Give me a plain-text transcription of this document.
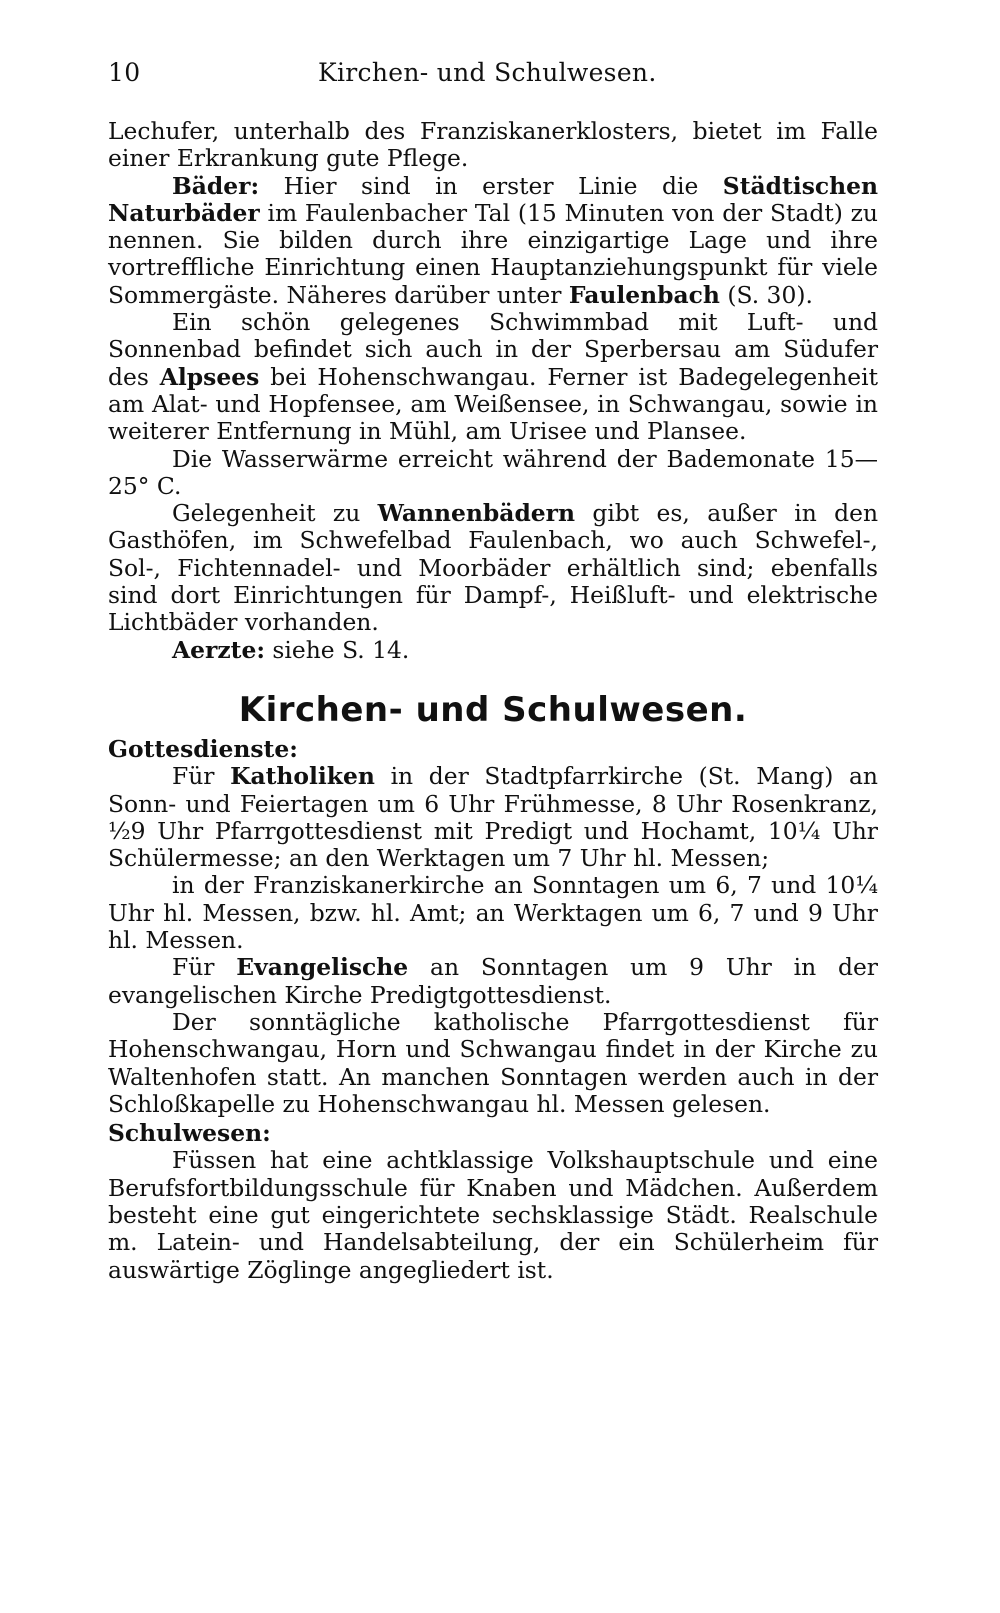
10	Kirchen- und Schulwesen.

Lechufer, unterhalb des Franziskanerklosters, bietet im Falle einer Erkrankung gute Pflege.

Bäder: Hier sind in erster Linie die Städtischen Naturbäder im Faulenbacher Tal (15 Minuten von der Stadt) zu nennen. Sie bilden durch ihre einzigartige Lage und ihre vortreffliche Einrichtung einen Hauptanziehungspunkt für viele Sommergäste. Näheres darüber unter Faulenbach (S. 30).

Ein schön gelegenes Schwimmbad mit Luft- und Sonnenbad befindet sich auch in der Sperbersau am Südufer des Alpsees bei Hohenschwangau. Ferner ist Badegelegenheit am Alat- und Hopfensee, am Weißensee, in Schwangau, sowie in weiterer Entfernung in Mühl, am Urisee und Plansee.

Die Wasserwärme erreicht während der Bademonate 15—25° C.

Gelegenheit zu Wannenbädern gibt es, außer in den Gasthöfen, im Schwefelbad Faulenbach, wo auch Schwefel-, Sol-, Fichtennadel- und Moorbäder erhältlich sind; ebenfalls sind dort Einrichtungen für Dampf-, Heißluft- und elektrische Lichtbäder vorhanden.

Aerzte: siehe S. 14.

Kirchen- und Schulwesen.

Gottesdienste:

Für Katholiken in der Stadtpfarrkirche (St. Mang) an Sonn- und Feiertagen um 6 Uhr Frühmesse, 8 Uhr Rosenkranz, ½9 Uhr Pfarrgottesdienst mit Predigt und Hochamt, 10¼ Uhr Schülermesse; an den Werktagen um 7 Uhr hl. Messen;

in der Franziskanerkirche an Sonntagen um 6, 7 und 10¼ Uhr hl. Messen, bzw. hl. Amt; an Werktagen um 6, 7 und 9 Uhr hl. Messen.

Für Evangelische an Sonntagen um 9 Uhr in der evangelischen Kirche Predigtgottesdienst.

Der sonntägliche katholische Pfarrgottesdienst für Hohenschwangau, Horn und Schwangau findet in der Kirche zu Waltenhofen statt. An manchen Sonntagen werden auch in der Schloßkapelle zu Hohenschwangau hl. Messen gelesen.

Schulwesen:

Füssen hat eine achtklassige Volkshauptschule und eine Berufsfortbildungsschule für Knaben und Mädchen. Außerdem besteht eine gut eingerichtete sechsklassige Städt. Realschule m. Latein- und Handelsabteilung, der ein Schülerheim für auswärtige Zöglinge angegliedert ist.
